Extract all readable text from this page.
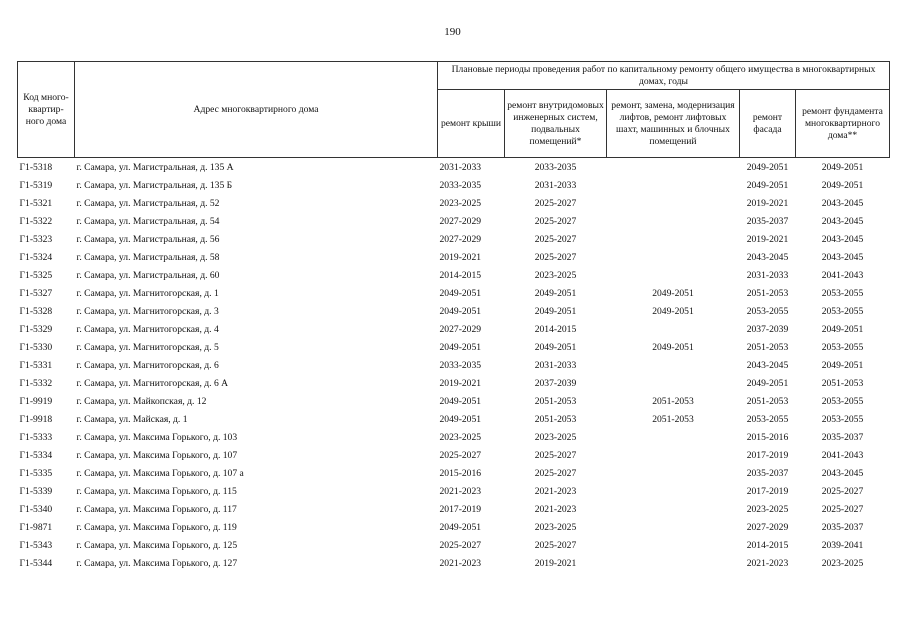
190
Код много-квартир-ного дома	Адрес многоквартирного дома	Плановые периоды проведения работ по капитальному ремонту общего имущества в многоквартирных домах, годы				
		ремонт крыши	ремонт внутридомовых инженерных систем, подвальных помещений*	ремонт, замена, модернизация лифтов, ремонт лифтовых шахт, машинных и блочных помещений	ремонт фасада	ремонт фундамента многоквартирного дома**
Г1-5318	г. Самара, ул. Магистральная, д. 135 А	2031-2033	2033-2035		2049-2051	2049-2051
Г1-5319	г. Самара, ул. Магистральная, д. 135 Б	2033-2035	2031-2033		2049-2051	2049-2051
Г1-5321	г. Самара, ул. Магистральная, д. 52	2023-2025	2025-2027		2019-2021	2043-2045
Г1-5322	г. Самара, ул. Магистральная, д. 54	2027-2029	2025-2027		2035-2037	2043-2045
Г1-5323	г. Самара, ул. Магистральная, д. 56	2027-2029	2025-2027		2019-2021	2043-2045
Г1-5324	г. Самара, ул. Магистральная, д. 58	2019-2021	2025-2027		2043-2045	2043-2045
Г1-5325	г. Самара, ул. Магистральная, д. 60	2014-2015	2023-2025		2031-2033	2041-2043
Г1-5327	г. Самара, ул. Магнитогорская, д. 1	2049-2051	2049-2051	2049-2051	2051-2053	2053-2055
Г1-5328	г. Самара, ул. Магнитогорская, д. 3	2049-2051	2049-2051	2049-2051	2053-2055	2053-2055
Г1-5329	г. Самара, ул. Магнитогорская, д. 4	2027-2029	2014-2015		2037-2039	2049-2051
Г1-5330	г. Самара, ул. Магнитогорская, д. 5	2049-2051	2049-2051	2049-2051	2051-2053	2053-2055
Г1-5331	г. Самара, ул. Магнитогорская, д. 6	2033-2035	2031-2033		2043-2045	2049-2051
Г1-5332	г. Самара, ул. Магнитогорская, д. 6 А	2019-2021	2037-2039		2049-2051	2051-2053
Г1-9919	г. Самара, ул. Майкопская, д. 12	2049-2051	2051-2053	2051-2053	2051-2053	2053-2055
Г1-9918	г. Самара, ул. Майская, д. 1	2049-2051	2051-2053	2051-2053	2053-2055	2053-2055
Г1-5333	г. Самара, ул. Максима Горького, д. 103	2023-2025	2023-2025		2015-2016	2035-2037
Г1-5334	г. Самара, ул. Максима Горького, д. 107	2025-2027	2025-2027		2017-2019	2041-2043
Г1-5335	г. Самара, ул. Максима Горького, д. 107 а	2015-2016	2025-2027		2035-2037	2043-2045
Г1-5339	г. Самара, ул. Максима Горького, д. 115	2021-2023	2021-2023		2017-2019	2025-2027
Г1-5340	г. Самара, ул. Максима Горького, д. 117	2017-2019	2021-2023		2023-2025	2025-2027
Г1-9871	г. Самара, ул. Максима Горького, д. 119	2049-2051	2023-2025		2027-2029	2035-2037
Г1-5343	г. Самара, ул. Максима Горького, д. 125	2025-2027	2025-2027		2014-2015	2039-2041
Г1-5344	г. Самара, ул. Максима Горького, д. 127	2021-2023	2019-2021		2021-2023	2023-2025
